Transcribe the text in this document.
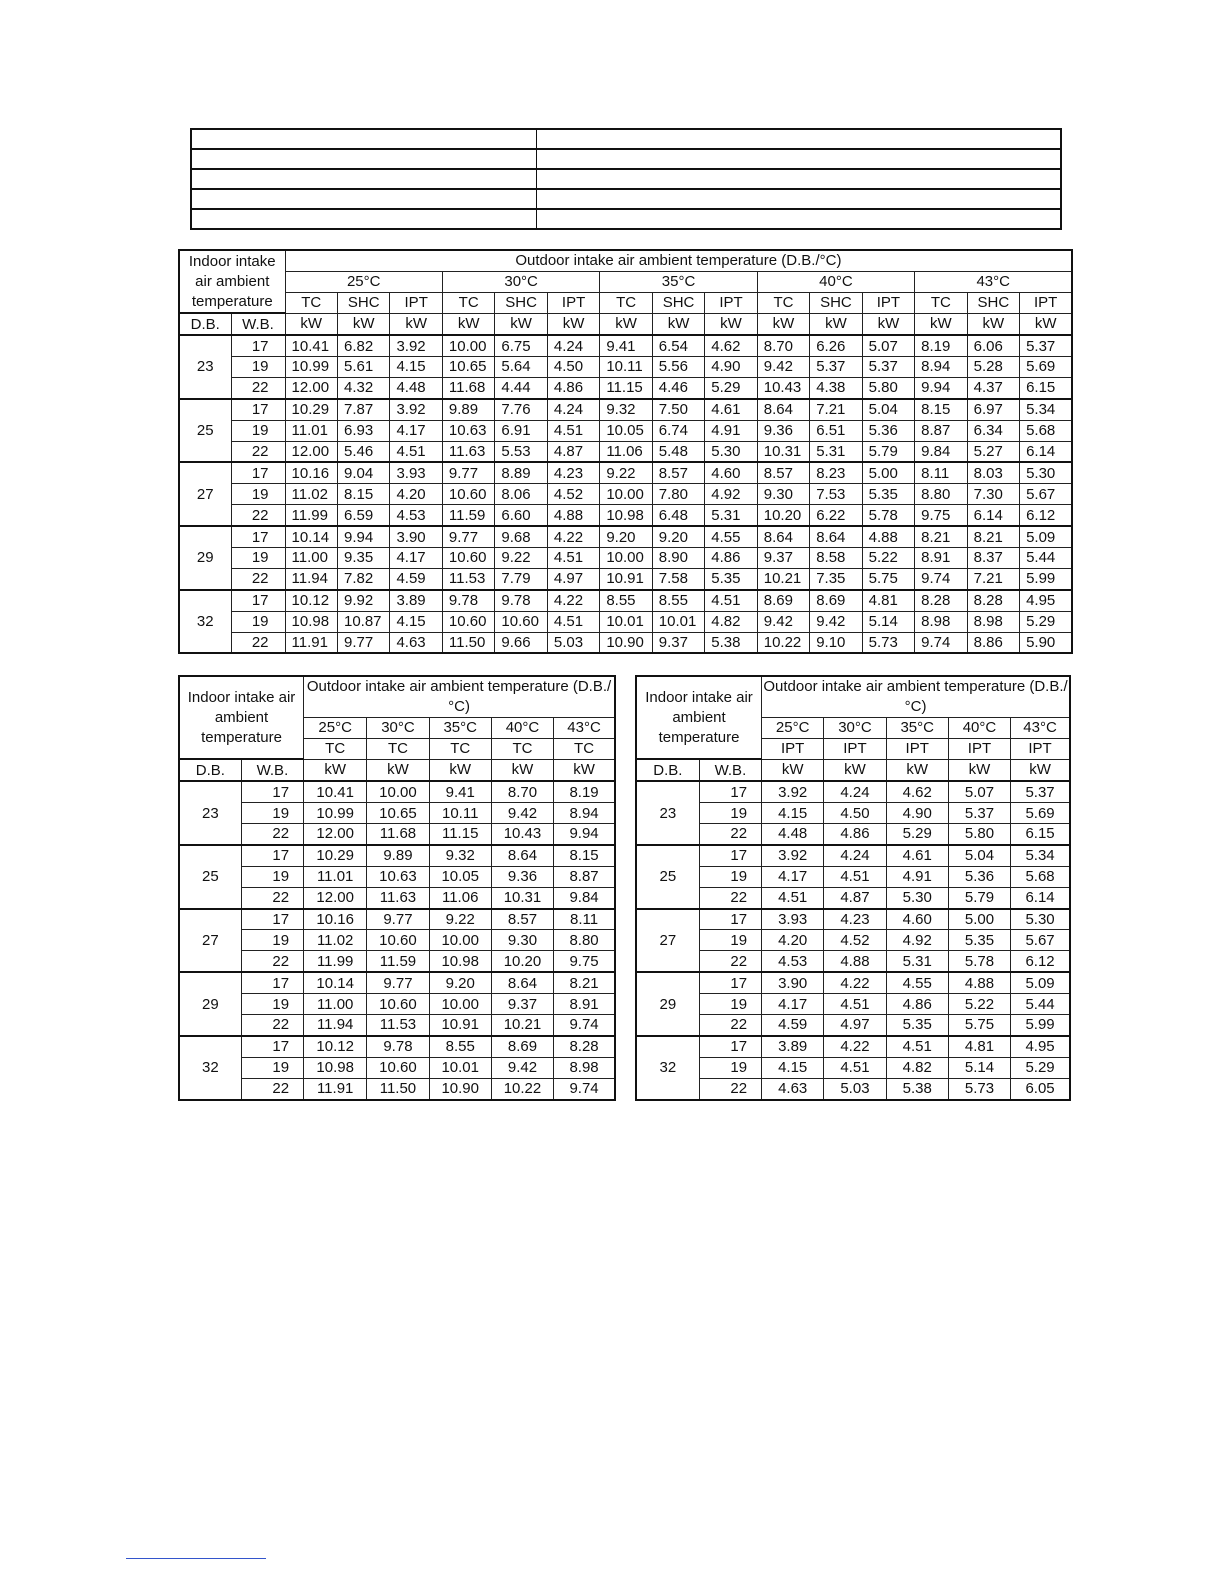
Indoor intake air ambient temperature		Outdoor intake air ambient temperature (D.B./°C)														
		25°C			30°C			35°C			40°C			43°C		
		TC	SHC	IPT	TC	SHC	IPT	TC	SHC	IPT	TC	SHC	IPT	TC	SHC	IPT
D.B.	W.B.	kW	kW	kW	kW	kW	kW	kW	kW	kW	kW	kW	kW	kW	kW	kW
23	17	10.41	6.82	3.92	10.00	6.75	4.24	9.41	6.54	4.62	8.70	6.26	5.07	8.19	6.06	5.37
	19	10.99	5.61	4.15	10.65	5.64	4.50	10.11	5.56	4.90	9.42	5.37	5.37	8.94	5.28	5.69
	22	12.00	4.32	4.48	11.68	4.44	4.86	11.15	4.46	5.29	10.43	4.38	5.80	9.94	4.37	6.15
25	17	10.29	7.87	3.92	9.89	7.76	4.24	9.32	7.50	4.61	8.64	7.21	5.04	8.15	6.97	5.34
	19	11.01	6.93	4.17	10.63	6.91	4.51	10.05	6.74	4.91	9.36	6.51	5.36	8.87	6.34	5.68
	22	12.00	5.46	4.51	11.63	5.53	4.87	11.06	5.48	5.30	10.31	5.31	5.79	9.84	5.27	6.14
27	17	10.16	9.04	3.93	9.77	8.89	4.23	9.22	8.57	4.60	8.57	8.23	5.00	8.11	8.03	5.30
	19	11.02	8.15	4.20	10.60	8.06	4.52	10.00	7.80	4.92	9.30	7.53	5.35	8.80	7.30	5.67
	22	11.99	6.59	4.53	11.59	6.60	4.88	10.98	6.48	5.31	10.20	6.22	5.78	9.75	6.14	6.12
29	17	10.14	9.94	3.90	9.77	9.68	4.22	9.20	9.20	4.55	8.64	8.64	4.88	8.21	8.21	5.09
	19	11.00	9.35	4.17	10.60	9.22	4.51	10.00	8.90	4.86	9.37	8.58	5.22	8.91	8.37	5.44
	22	11.94	7.82	4.59	11.53	7.79	4.97	10.91	7.58	5.35	10.21	7.35	5.75	9.74	7.21	5.99
32	17	10.12	9.92	3.89	9.78	9.78	4.22	8.55	8.55	4.51	8.69	8.69	4.81	8.28	8.28	4.95
	19	10.98	10.87	4.15	10.60	10.60	4.51	10.01	10.01	4.82	9.42	9.42	5.14	8.98	8.98	5.29
	22	11.91	9.77	4.63	11.50	9.66	5.03	10.90	9.37	5.38	10.22	9.10	5.73	9.74	8.86	5.90
Indoor intake air ambient temperature		Outdoor intake air ambient temperature (D.B./°C)				
		25°C	30°C	35°C	40°C	43°C
		TC	TC	TC	TC	TC
D.B.	W.B.	kW	kW	kW	kW	kW
23	17	10.41	10.00	9.41	8.70	8.19
	19	10.99	10.65	10.11	9.42	8.94
	22	12.00	11.68	11.15	10.43	9.94
25	17	10.29	9.89	9.32	8.64	8.15
	19	11.01	10.63	10.05	9.36	8.87
	22	12.00	11.63	11.06	10.31	9.84
27	17	10.16	9.77	9.22	8.57	8.11
	19	11.02	10.60	10.00	9.30	8.80
	22	11.99	11.59	10.98	10.20	9.75
29	17	10.14	9.77	9.20	8.64	8.21
	19	11.00	10.60	10.00	9.37	8.91
	22	11.94	11.53	10.91	10.21	9.74
32	17	10.12	9.78	8.55	8.69	8.28
	19	10.98	10.60	10.01	9.42	8.98
	22	11.91	11.50	10.90	10.22	9.74
Indoor intake air ambient temperature		Outdoor intake air ambient temperature (D.B./°C)				
		25°C	30°C	35°C	40°C	43°C
		IPT	IPT	IPT	IPT	IPT
D.B.	W.B.	kW	kW	kW	kW	kW
23	17	3.92	4.24	4.62	5.07	5.37
	19	4.15	4.50	4.90	5.37	5.69
	22	4.48	4.86	5.29	5.80	6.15
25	17	3.92	4.24	4.61	5.04	5.34
	19	4.17	4.51	4.91	5.36	5.68
	22	4.51	4.87	5.30	5.79	6.14
27	17	3.93	4.23	4.60	5.00	5.30
	19	4.20	4.52	4.92	5.35	5.67
	22	4.53	4.88	5.31	5.78	6.12
29	17	3.90	4.22	4.55	4.88	5.09
	19	4.17	4.51	4.86	5.22	5.44
	22	4.59	4.97	5.35	5.75	5.99
32	17	3.89	4.22	4.51	4.81	4.95
	19	4.15	4.51	4.82	5.14	5.29
	22	4.63	5.03	5.38	5.73	6.05
